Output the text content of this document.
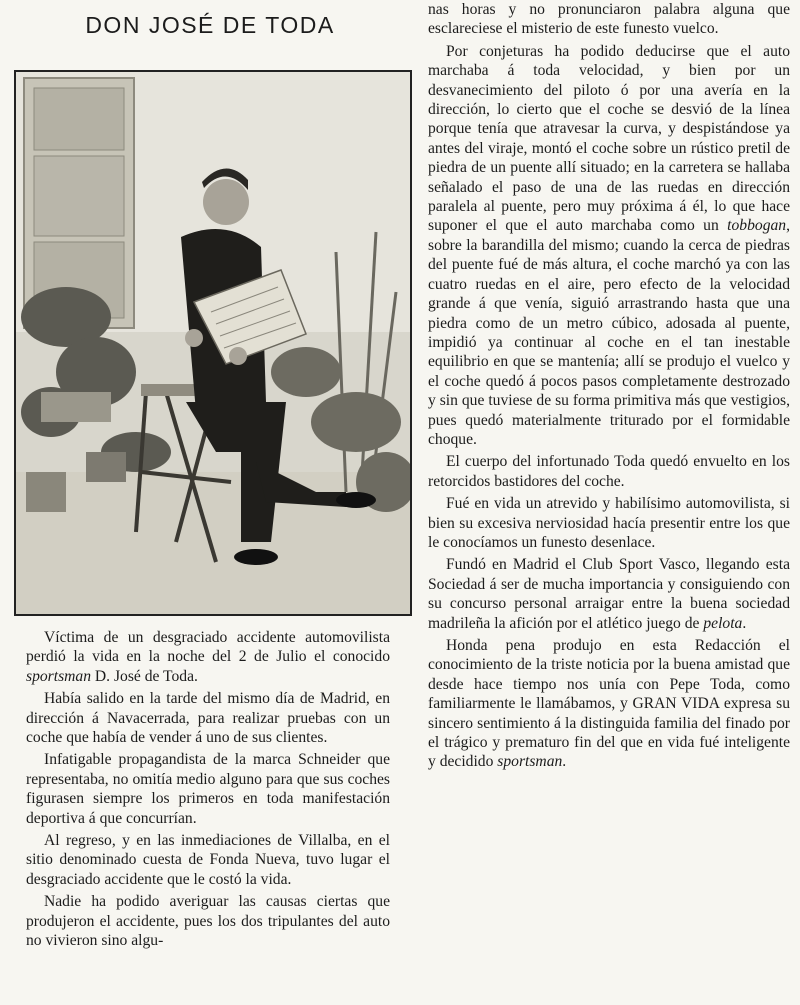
DON JOSÉ DE TODA

Víctima de un desgraciado accidente automovilista perdió la vida en la noche del 2 de Julio el conocido sportsman D. José de Toda.

Había salido en la tarde del mismo día de Madrid, en dirección á Navacerrada, para realizar pruebas con un coche que había de vender á uno de sus clientes.

Infatigable propagandista de la marca Schneider que representaba, no omitía medio alguno para que sus coches figurasen siempre los primeros en toda manifestación deportiva á que concurrían.

Al regreso, y en las inmediaciones de Villalba, en el sitio denominado cuesta de Fonda Nueva, tuvo lugar el desgraciado accidente que le costó la vida.

Nadie ha podido averiguar las causas ciertas que produjeron el accidente, pues los dos tripulantes del auto no vivieron sino algu-

nas horas y no pronunciaron palabra alguna que esclareciese el misterio de este funesto vuelco.

Por conjeturas ha podido deducirse que el auto marchaba á toda velocidad, y bien por un desvanecimiento del piloto ó por una avería en la dirección, lo cierto que el coche se desvió de la línea porque tenía que atravesar la curva, y despistándose ya antes del viraje, montó el coche sobre un rústico pretil de piedra de un puente allí situado; en la carretera se hallaba señalado el paso de una de las ruedas en dirección paralela al puente, pero muy próxima á él, lo que hace suponer el que el auto marchaba como un tobbogan, sobre la barandilla del mismo; cuando la cerca de piedras del puente fué de más altura, el coche marchó ya con las cuatro ruedas en el aire, pero efecto de la velocidad grande á que venía, siguió arrastrando hasta que una piedra como de un metro cúbico, adosada al puente, impidió ya continuar al coche en el tan inestable equilibrio en que se mantenía; allí se produjo el vuelco y el coche quedó á pocos pasos completamente destrozado y sin que tuviese de su forma primitiva más que vestigios, pues quedó materialmente triturado por el formidable choque.

El cuerpo del infortunado Toda quedó envuelto en los retorcidos bastidores del coche.

Fué en vida un atrevido y habilísimo automovilista, si bien su excesiva nerviosidad hacía presentir entre los que le conocíamos un funesto desenlace.

Fundó en Madrid el Club Sport Vasco, llegando esta Sociedad á ser de mucha importancia y consiguiendo con su concurso personal arraigar entre la buena sociedad madrileña la afición por el atlético juego de pelota.

Honda pena produjo en esta Redacción el conocimiento de la triste noticia por la buena amistad que desde hace tiempo nos unía con Pepe Toda, como familiarmente le llamábamos, y GRAN VIDA expresa su sincero sentimiento á la distinguida familia del finado por el trágico y prematuro fin del que en vida fué inteligente y decidido sportsman.
